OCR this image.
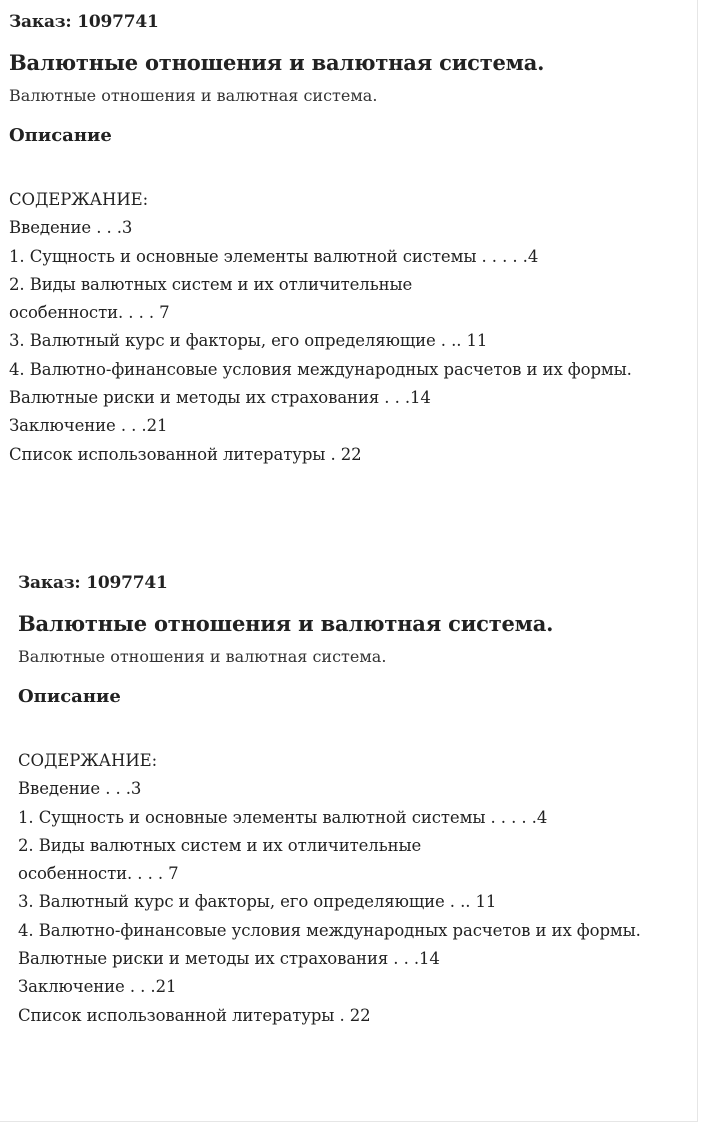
Заказ: 1097741

Валютные отношения и валютная система.

Валютные отношения и валютная система.

Описание
СОДЕРЖАНИЕ:
Введение . . .3
1. Сущность и основные элементы валютной системы . . . . .4
2. Виды валютных систем и их отличительные особенности. . . . 7
3. Валютный курс и факторы, его определяющие . .. 11
4. Валютно-финансовые условия международных расчетов и их формы.
Валютные риски и методы их страхования . . .14
Заключение . . .21
Список использованной литературы . 22

Заказ: 1097741

Валютные отношения и валютная система.

Валютные отношения и валютная система.

Описание
СОДЕРЖАНИЕ:
Введение . . .3
1. Сущность и основные элементы валютной системы . . . . .4
2. Виды валютных систем и их отличительные особенности. . . . 7
3. Валютный курс и факторы, его определяющие . .. 11
4. Валютно-финансовые условия международных расчетов и их формы.
Валютные риски и методы их страхования . . .14
Заключение . . .21
Список использованной литературы . 22
